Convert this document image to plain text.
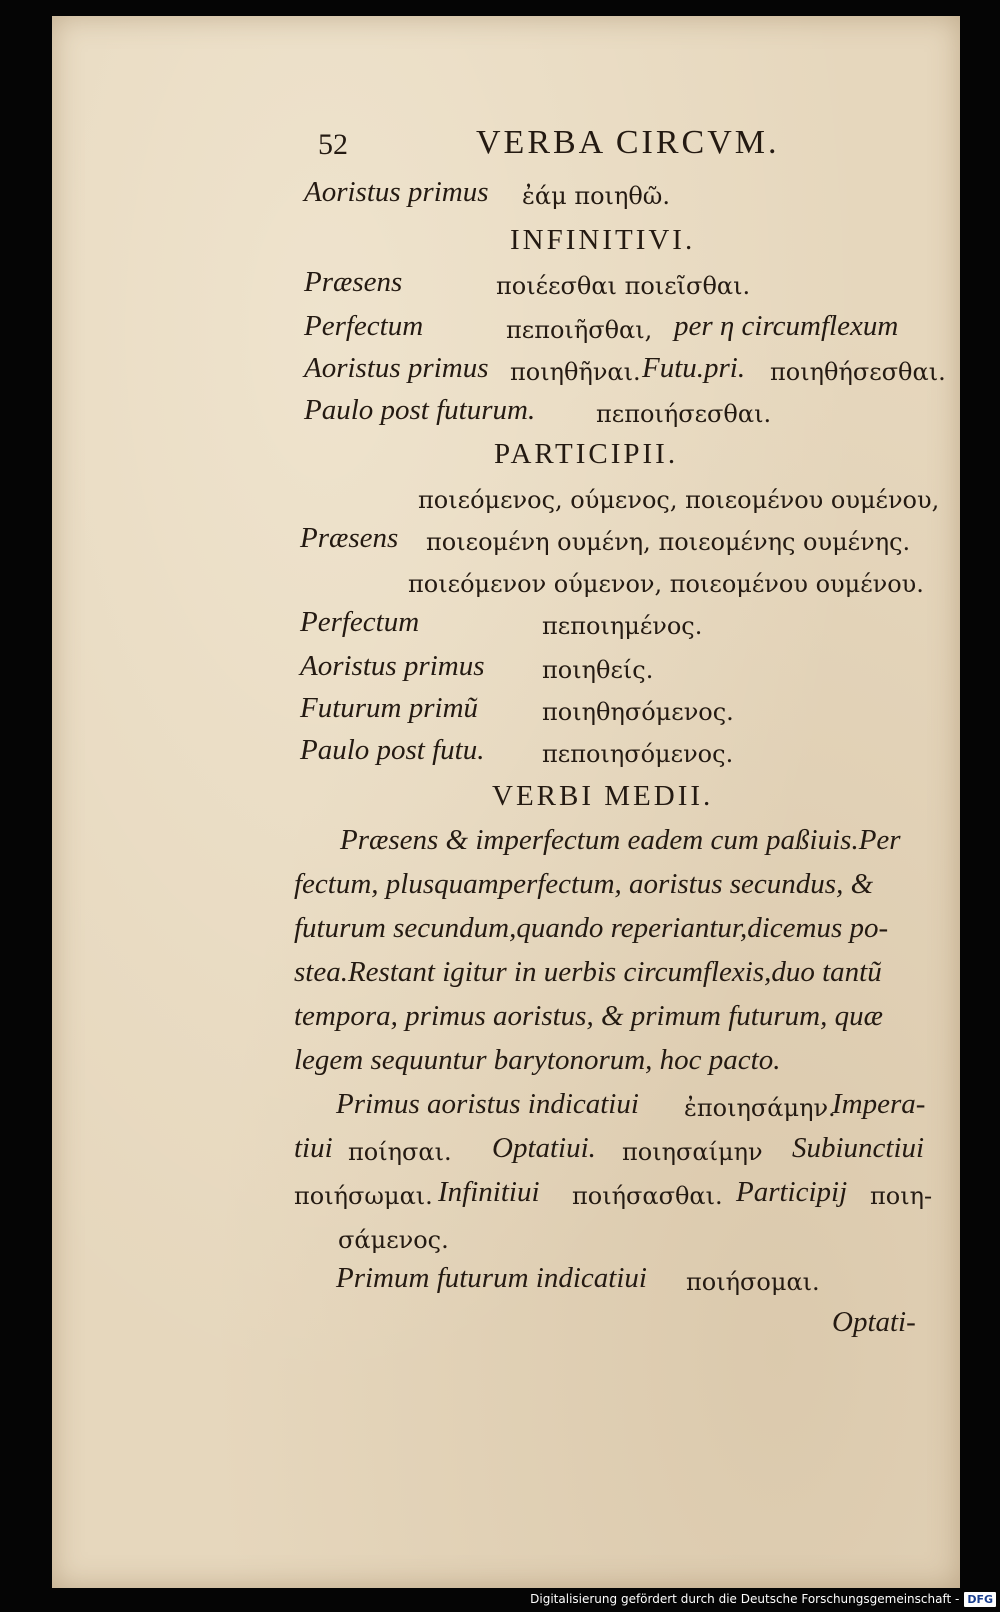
52	VERBA CIRCVM.
Aoristus primus ἐάμ ποιηθῶ.
INFINITIVI.
Præsens	ποιέεσθαι ποιεῖσθαι.
Perfectum	πεποιῆσθαι, per η circumflexum
Aoristus primus ποιηθῆναι. Futu.pri. ποιηθήσεσθαι.
Paulo post futurum.	πεποιήσεσθαι.
PARTICIPII.
ποιεόμενος, ούμενος, ποιεομένου ουμένου,
Præsens ποιεομένη ουμένη, ποιεομένης ουμένης.
ποιεόμενον ούμενον, ποιεομένου ουμένου.
Perfectum	πεποιημένος.
Aoristus primus ποιηθείς.
Futurum primũ	ποιηθησόμενος.
Paulo post futu. πεποιησόμενος.
VERBI MEDII.
Præsens & imperfectum eadem cum paßiuis.Per
fectum, plusquamperfectum, aoristus secundus, &
futurum secundum,quando reperiantur,dicemus po-
stea.Restant igitur in uerbis circumflexis,duo tantũ
tempora, primus aoristus, & primum futurum, quæ
legem sequuntur barytonorum, hoc pacto.
Primus aoristus indicatiui ἐποιησάμην.
Impera-
tiui ποίησαι. Optatiui. ποιησαίμην Subiunctiui
ποιήσωμαι. Infinitiui ποιήσασθαι. Participij ποιη-
σάμενος.
Primum futurum indicatiui ποιήσομαι.
Optati-
Digitalisierung gefördert durch die Deutsche Forschungsgemeinschaft - DFG
